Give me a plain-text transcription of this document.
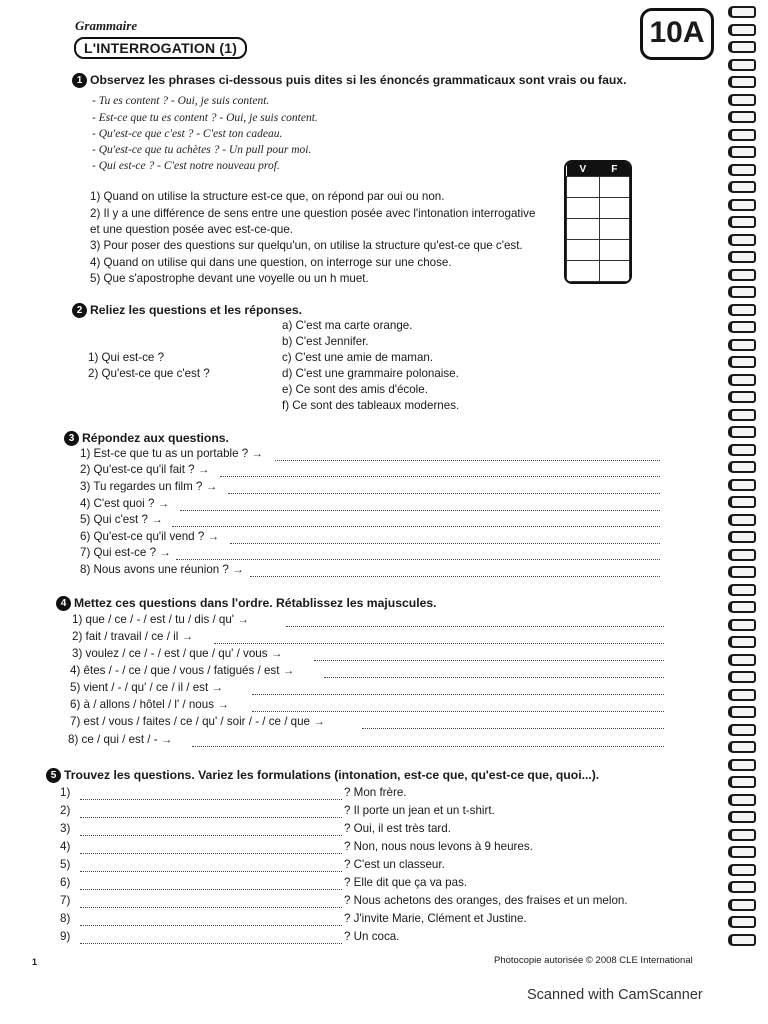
Grammaire
L'INTERROGATION (1)	10A
1 Observez les phrases ci-dessous puis dites si les énoncés grammaticaux sont vrais ou faux.
- Tu es content ? - Oui, je suis content.
- Est-ce que tu es content ? - Oui, je suis content.
- Qu'est-ce que c'est ? - C'est ton cadeau.
- Qu'est-ce que tu achètes ? - Un pull pour moi.
- Qui est-ce ? - C'est notre nouveau prof.
1) Quand on utilise la structure est-ce que, on répond par oui ou non.
2) Il y a une différence de sens entre une question posée avec l'intonation interrogative
et une question posée avec est-ce-que.
3) Pour poser des questions sur quelqu'un, on utilise la structure qu'est-ce que c'est.
4) Quand on utilise qui dans une question, on interroge sur une chose.
5) Que s'apostrophe devant une voyelle ou un h muet.
V	F

2 Reliez les questions et les réponses.
a) C'est ma carte orange.
b) C'est Jennifer.
c) C'est une amie de maman.
d) C'est une grammaire polonaise.
e) Ce sont des amis d'école.
f) Ce sont des tableaux modernes.
1) Qui est-ce ?
2) Qu'est-ce que c'est ?
3 Répondez aux questions.
1) Est-ce que tu as un portable ? →
2) Qu'est-ce qu'il fait ? →
3) Tu regardes un film ? →
4) C'est quoi ? →
5) Qui c'est ? →
6) Qu'est-ce qu'il vend ? →
7) Qui est-ce ? →
8) Nous avons une réunion ? →
4 Mettez ces questions dans l'ordre. Rétablissez les majuscules.
1) que / ce / - / est / tu / dis / qu' →
2) fait / travail / ce / il →
3) voulez / ce / - / est / que / qu' / vous →
4) êtes / - / ce / que / vous / fatigués / est →
5) vient / - / qu' / ce / il / est →
6) à / allons / hôtel / l' / nous →
7) est / vous / faites / ce / qu' / soir / - / ce / que →
8) ce / qui / est / - →
5 Trouvez les questions. Variez les formulations (intonation, est-ce que, qu'est-ce que, quoi...).
1)	? Mon frère.
2)	? Il porte un jean et un t-shirt.
3)	? Oui, il est très tard.
4)	? Non, nous nous levons à 9 heures.
5)	? C'est un classeur.
6)	? Elle dit que ça va pas.
7)	? Nous achetons des oranges, des fraises et un melon.
8)	? J'invite Marie, Clément et Justine.
9)	? Un coca.
1	Photocopie autorisée © 2008 CLE International
Scanned with CamScanner
